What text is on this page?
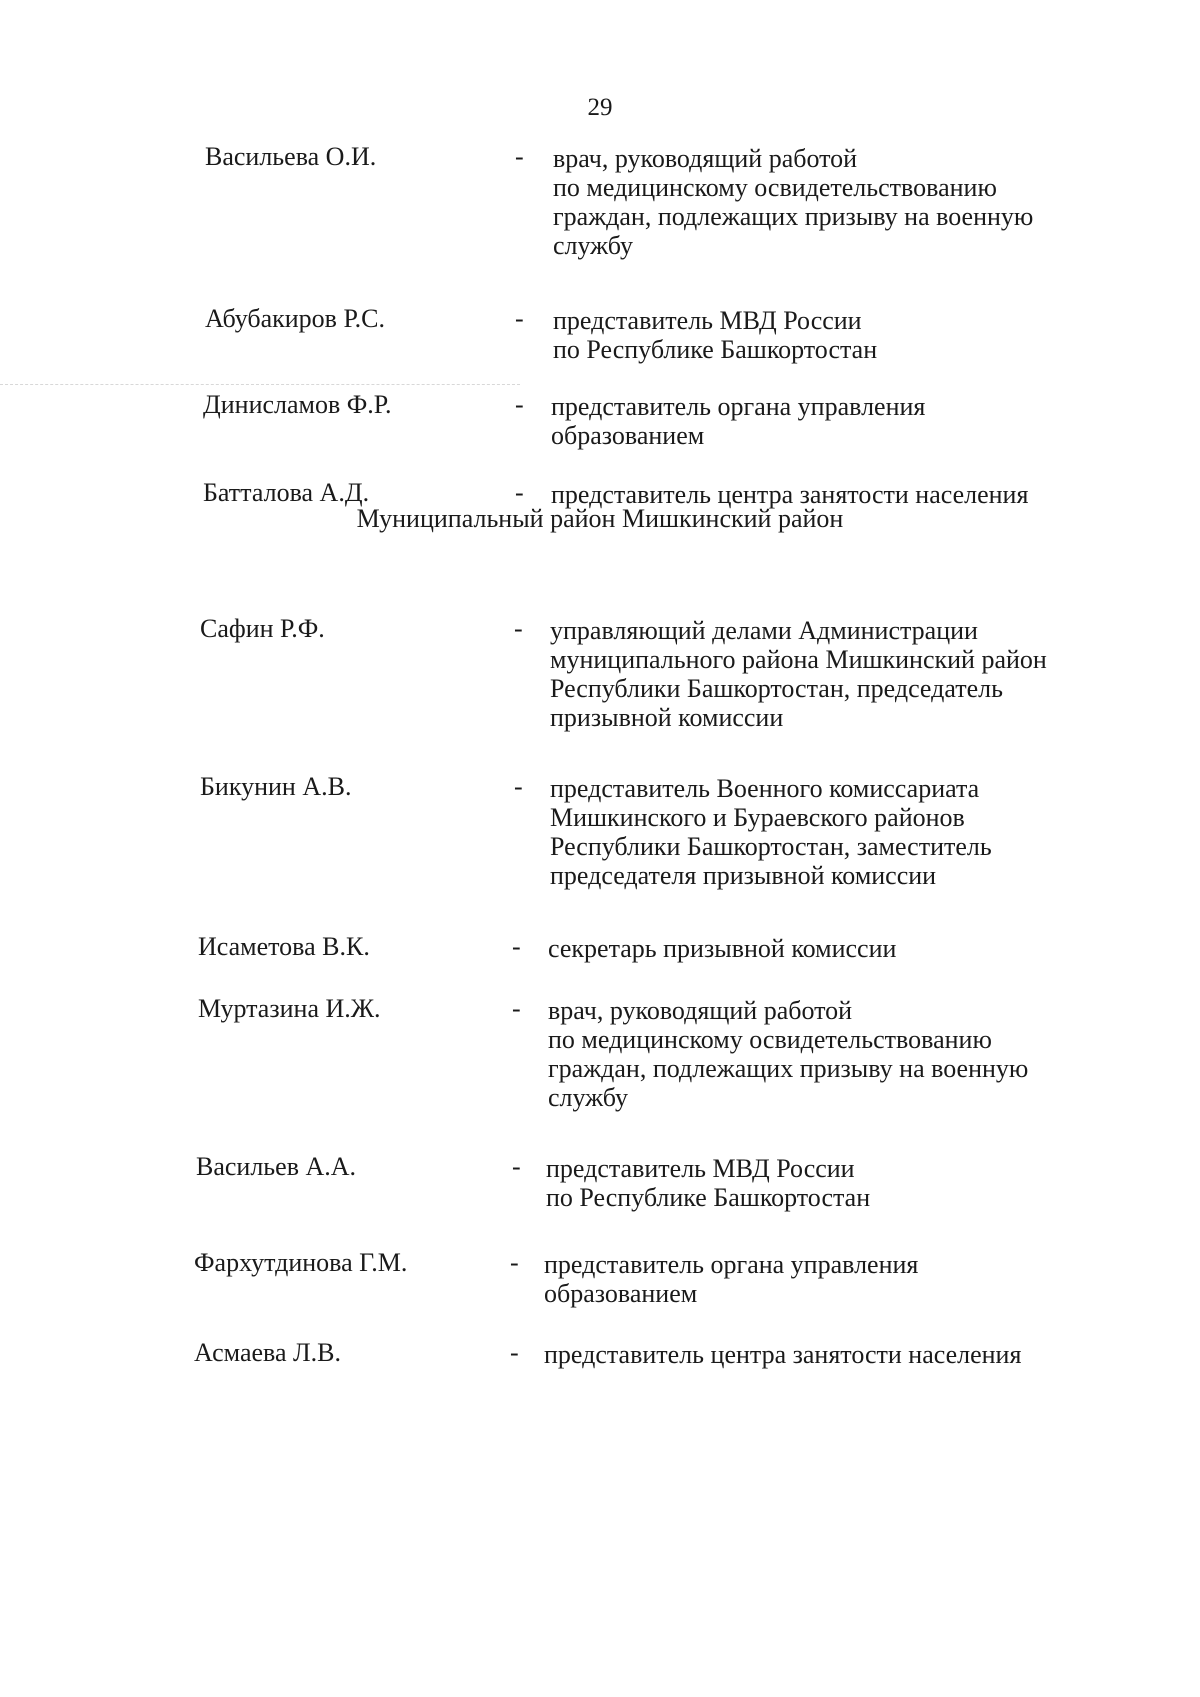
29
Васильева О.И.	- врач, руководящий работой
по медицинскому освидетельствованию
граждан, подлежащих призыву на военную
службу
Абубакиров Р.С.	- представитель МВД России
по Республике Башкортостан
Динисламов Ф.Р.	- представитель органа управления
образованием
Батталова А.Д.	- представитель центра занятости населения
Муниципальный район Мишкинский район
Сафин Р.Ф.	- управляющий делами Администрации
муниципального района Мишкинский район
Республики Башкортостан, председатель
призывной комиссии
Бикунин А.В.	- представитель Военного комиссариата
Мишкинского и Бураевского районов
Республики Башкортостан, заместитель
председателя призывной комиссии
Исаметова В.К.	- секретарь призывной комиссии
Муртазина И.Ж.	- врач, руководящий работой
по медицинскому освидетельствованию
граждан, подлежащих призыву на военную
службу
Васильев А.А.	- представитель МВД России
по Республике Башкортостан
Фархутдинова Г.М.	- представитель органа управления
образованием
Асмаева Л.В.	- представитель центра занятости населения
